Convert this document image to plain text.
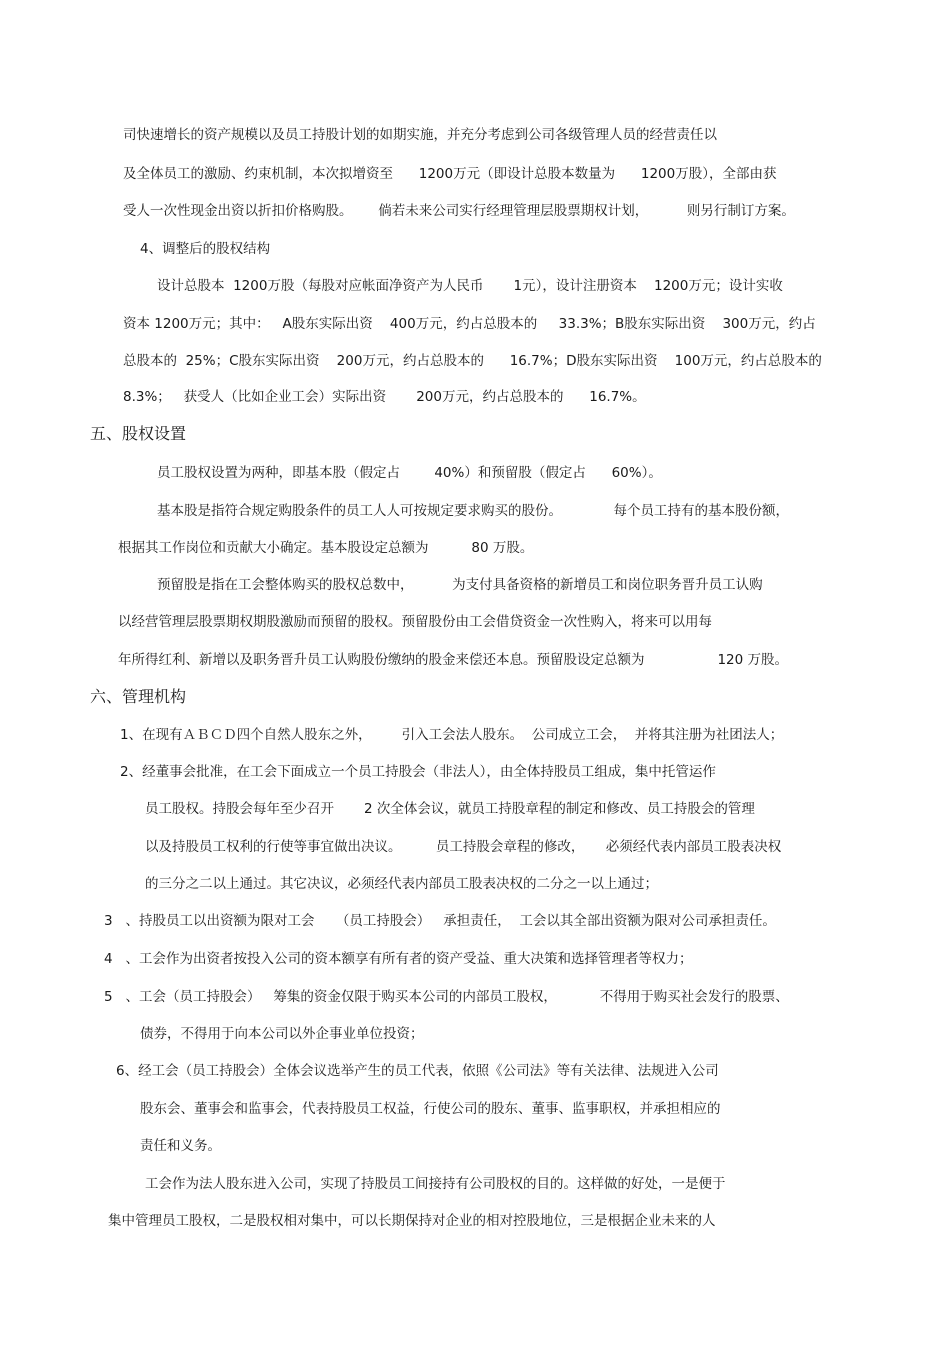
司快速增长的资产规模以及员工持股计划的如期实施，并充分考虑到公司各级管理人员的经营责任以
及全体员工的激励、约束机制，本次拟增资至      1200万元（即设计总股本数量为      1200万股），全部由获
受人一次性现金出资以折扣价格购股。      倘若未来公司实行经理管理层股票期权计划，         则另行制订方案。
4、调整后的股权结构
设计总股本  1200万股（每股对应帐面净资产为人民币       1元），设计注册资本    1200万元；设计实收
资本 1200万元；其中：   A股东实际出资    400万元，约占总股本的     33.3%；B股东实际出资    300万元，约占
总股本的  25%；C股东实际出资    200万元，约占总股本的      16.7%；D股东实际出资    100万元，约占总股本的
8.3%；   获受人（比如企业工会）实际出资       200万元，约占总股本的      16.7%。
五、股权设置
员工股权设置为两种，即基本股（假定占        40%）和预留股（假定占      60%）。
基本股是指符合规定购股条件的员工人人可按规定要求购买的股份。            每个员工持有的基本股份额，
根据其工作岗位和贡献大小确定。基本股设定总额为          80 万股。
预留股是指在工会整体购买的股权总数中，         为支付具备资格的新增员工和岗位职务晋升员工认购
以经营管理层股票期权期股激励而预留的股权。预留股份由工会借贷资金一次性购入，将来可以用每
年所得红利、新增以及职务晋升员工认购股份缴纳的股金来偿还本息。预留股设定总额为                 120 万股。
六、管理机构
1、在现有ＡＢＣＤ四个自然人股东之外，       引入工会法人股东。  公司成立工会，  并将其注册为社团法人；
2、经董事会批准，在工会下面成立一个员工持股会（非法人），由全体持股员工组成，集中托管运作
员工股权。持股会每年至少召开       2 次全体会议，就员工持股章程的制定和修改、员工持股会的管理
以及持股员工权利的行使等事宜做出决议。        员工持股会章程的修改，     必须经代表内部员工股表决权
的三分之二以上通过。其它决议，必须经代表内部员工股表决权的二分之一以上通过；
3   、持股员工以出资额为限对工会     （员工持股会）   承担责任，  工会以其全部出资额为限对公司承担责任。
4   、工会作为出资者按投入公司的资本额享有所有者的资产受益、重大决策和选择管理者等权力；
5   、工会（员工持股会）   筹集的资金仅限于购买本公司的内部员工股权，          不得用于购买社会发行的股票、
债券，不得用于向本公司以外企事业单位投资；
6、经工会（员工持股会）全体会议选举产生的员工代表，依照《公司法》等有关法律、法规进入公司
股东会、董事会和监事会，代表持股员工权益，行使公司的股东、董事、监事职权，并承担相应的
责任和义务。
工会作为法人股东进入公司，实现了持股员工间接持有公司股权的目的。这样做的好处，一是便于
集中管理员工股权，二是股权相对集中，可以长期保持对企业的相对控股地位，三是根据企业未来的人
